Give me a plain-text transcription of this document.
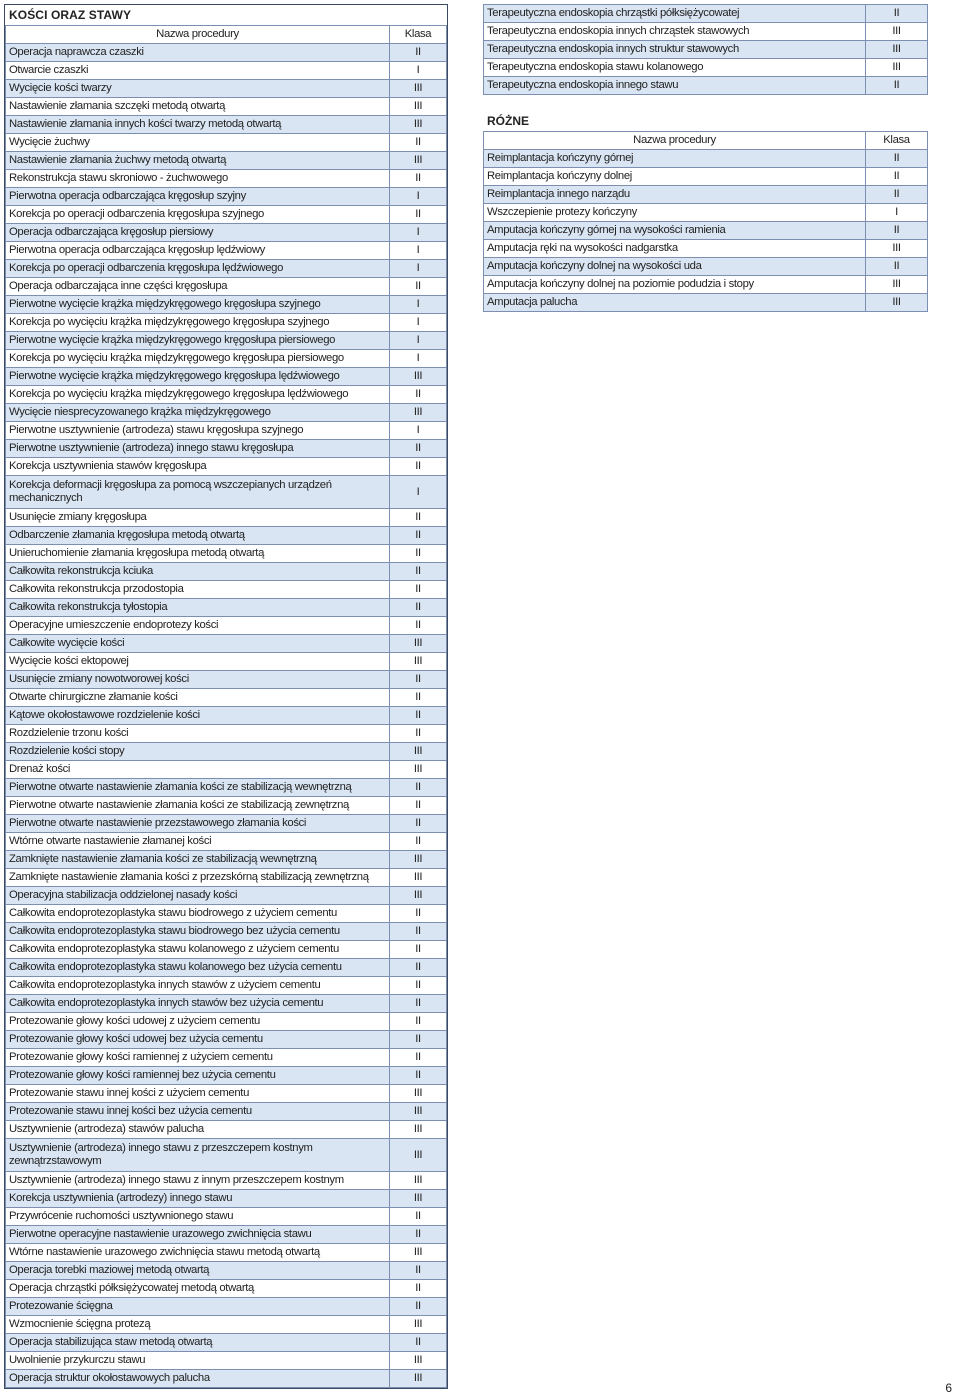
KOŚCI ORAZ STAWY
Nazwa procedury	Klasa
Operacja naprawcza czaszki	II
Otwarcie czaszki	I
Wycięcie kości twarzy	III
Nastawienie złamania szczęki metodą otwartą	III
Nastawienie złamania innych kości twarzy metodą otwartą	III
Wycięcie żuchwy	II
Nastawienie złamania żuchwy metodą otwartą	III
Rekonstrukcja stawu skroniowo - żuchwowego	II
Pierwotna operacja odbarczająca kręgosłup szyjny	I
Korekcja po operacji odbarczenia kręgosłupa szyjnego	II
Operacja odbarczająca kręgosłup piersiowy	I
Pierwotna operacja odbarczająca kręgosłup lędźwiowy	I
Korekcja po operacji odbarczenia kręgosłupa lędźwiowego	I
Operacja odbarczająca inne części kręgosłupa	II
Pierwotne wycięcie krążka międzykręgowego kręgosłupa szyjnego	I
Korekcja po wycięciu krążka międzykręgowego kręgosłupa szyjnego	I
Pierwotne wycięcie krążka międzykręgowego kręgosłupa piersiowego	I
Korekcja po wycięciu krążka międzykręgowego kręgosłupa piersiowego	I
Pierwotne wycięcie krążka międzykręgowego kręgosłupa lędźwiowego	III
Korekcja po wycięciu krążka międzykręgowego kręgosłupa lędźwiowego	II
Wycięcie niesprecyzowanego krążka międzykręgowego	III
Pierwotne usztywnienie (artrodeza) stawu kręgosłupa szyjnego	I
Pierwotne usztywnienie (artrodeza) innego stawu kręgosłupa	II
Korekcja usztywnienia stawów kręgosłupa	II
Korekcja deformacji kręgosłupa za pomocą wszczepianych urządzeń mechanicznych	I
Usunięcie zmiany kręgosłupa	II
Odbarczenie złamania kręgosłupa metodą otwartą	II
Unieruchomienie złamania kręgosłupa metodą otwartą	II
Całkowita rekonstrukcja kciuka	II
Całkowita rekonstrukcja przodostopia	II
Całkowita rekonstrukcja tyłostopia	II
Operacyjne umieszczenie endoprotezy kości	II
Całkowite wycięcie kości	III
Wycięcie kości ektopowej	III
Usunięcie zmiany nowotworowej kości	II
Otwarte chirurgiczne złamanie kości	II
Kątowe okołostawowe rozdzielenie kości	II
Rozdzielenie trzonu kości	II
Rozdzielenie kości stopy	III
Drenaż kości	III
Pierwotne otwarte nastawienie złamania kości ze stabilizacją wewnętrzną	II
Pierwotne otwarte nastawienie złamania kości ze stabilizacją zewnętrzną	II
Pierwotne otwarte nastawienie przezstawowego złamania kości	II
Wtórne otwarte nastawienie złamanej kości	II
Zamknięte nastawienie złamania kości ze stabilizacją wewnętrzną	III
Zamknięte nastawienie złamania kości z przezskórną stabilizacją zewnętrzną	III
Operacyjna stabilizacja oddzielonej nasady kości	III
Całkowita endoprotezoplastyka stawu biodrowego z użyciem cementu	II
Całkowita endoprotezoplastyka stawu biodrowego bez użycia cementu	II
Całkowita endoprotezoplastyka stawu kolanowego z użyciem cementu	II
Całkowita endoprotezoplastyka stawu kolanowego bez użycia cementu	II
Całkowita endoprotezoplastyka innych stawów z użyciem cementu	II
Całkowita endoprotezoplastyka innych stawów bez użycia cementu	II
Protezowanie głowy kości udowej z użyciem cementu	II
Protezowanie głowy kości udowej bez użycia cementu	II
Protezowanie głowy kości ramiennej z użyciem cementu	II
Protezowanie głowy kości ramiennej bez użycia cementu	II
Protezowanie stawu innej kości z użyciem cementu	III
Protezowanie stawu innej kości bez użycia cementu	III
Usztywnienie (artrodeza) stawów palucha	III
Usztywnienie (artrodeza) innego stawu z przeszczepem kostnym zewnątrzstawowym	III
Usztywnienie (artrodeza) innego stawu z innym przeszczepem kostnym	III
Korekcja usztywnienia (artrodezy) innego stawu	III
Przywrócenie ruchomości usztywnionego stawu	II
Pierwotne operacyjne nastawienie urazowego zwichnięcia stawu	II
Wtórne nastawienie urazowego zwichnięcia stawu metodą otwartą	III
Operacja torebki maziowej metodą otwartą	II
Operacja chrząstki półksiężycowatej metodą otwartą	II
Protezowanie ścięgna	II
Wzmocnienie ścięgna protezą	III
Operacja stabilizująca staw metodą otwartą	II
Uwolnienie przykurczu stawu	III
Operacja struktur okołostawowych palucha	III
Terapeutyczna endoskopia chrząstki półksiężycowatej	II
Terapeutyczna endoskopia innych chrząstek stawowych	III
Terapeutyczna endoskopia innych struktur stawowych	III
Terapeutyczna endoskopia stawu kolanowego	III
Terapeutyczna endoskopia innego stawu	II
RÓŻNE
Nazwa procedury	Klasa
Reimplantacja kończyny górnej	II
Reimplantacja kończyny dolnej	II
Reimplantacja innego narządu	II
Wszczepienie protezy kończyny	I
Amputacja kończyny górnej na wysokości ramienia	II
Amputacja ręki na wysokości nadgarstka	III
Amputacja kończyny dolnej na wysokości uda	II
Amputacja kończyny dolnej na poziomie podudzia i stopy	III
Amputacja palucha	III
6
